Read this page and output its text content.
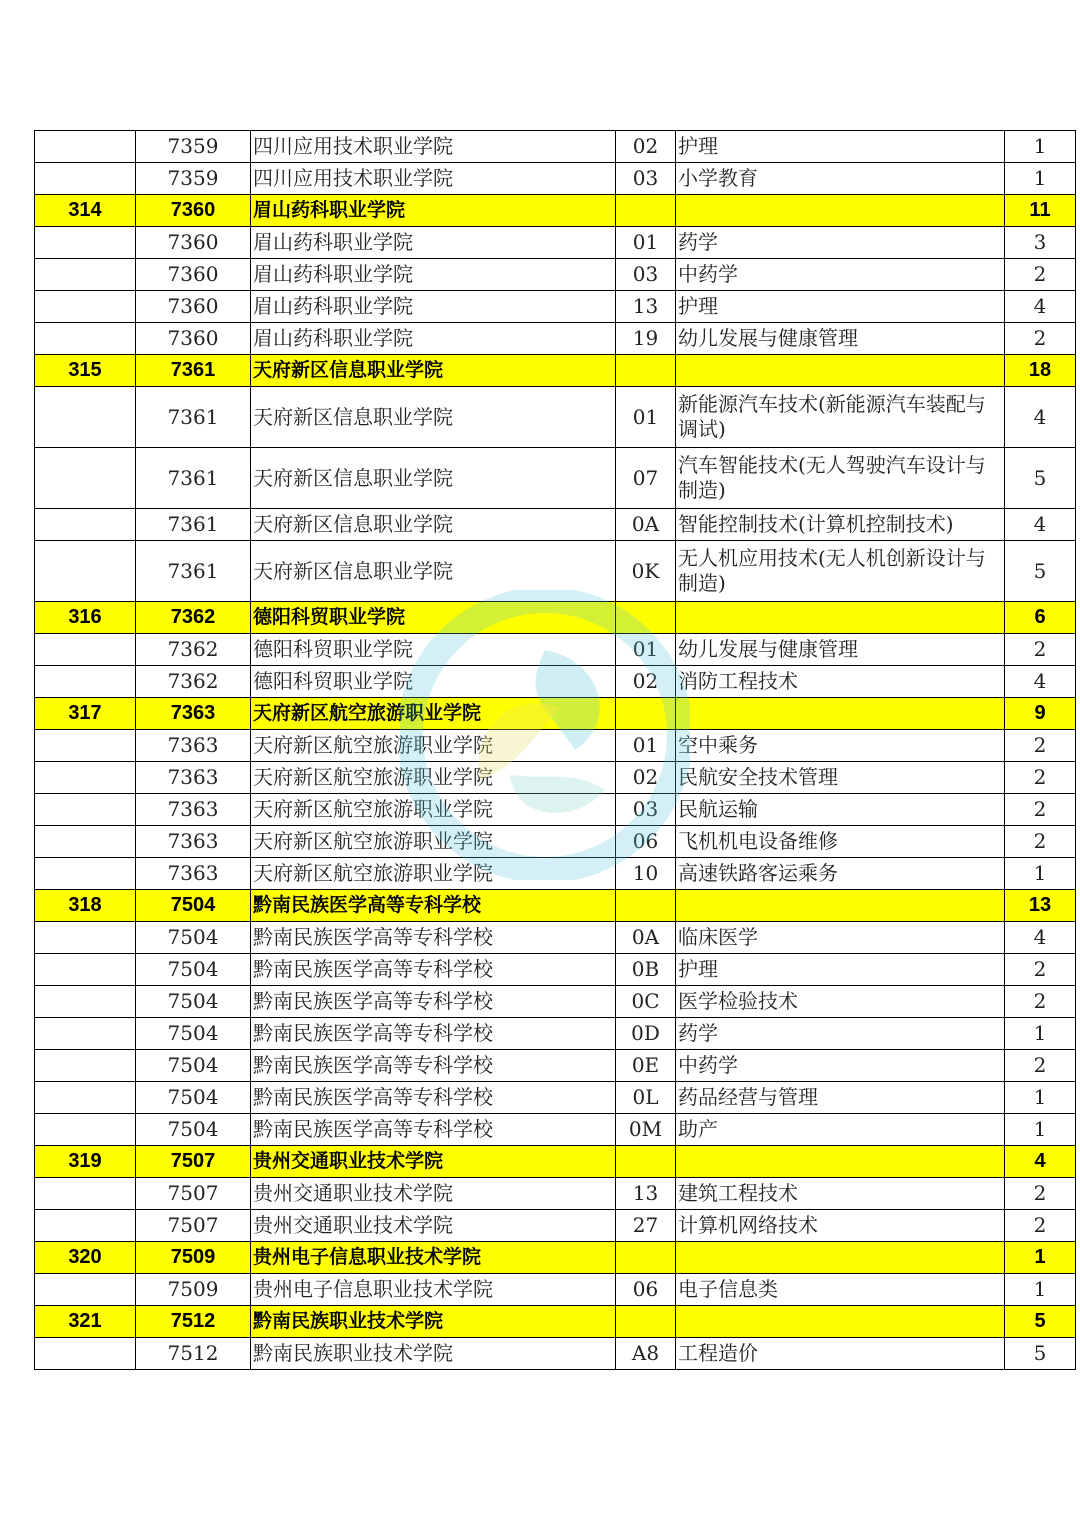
	7359	四川应用技术职业学院	02	护理	1
	7359	四川应用技术职业学院	03	小学教育	1
314	7360	眉山药科职业学院			11
	7360	眉山药科职业学院	01	药学	3
	7360	眉山药科职业学院	03	中药学	2
	7360	眉山药科职业学院	13	护理	4
	7360	眉山药科职业学院	19	幼儿发展与健康管理	2
315	7361	天府新区信息职业学院			18
	7361	天府新区信息职业学院	01	新能源汽车技术(新能源汽车装配与调试)	4
	7361	天府新区信息职业学院	07	汽车智能技术(无人驾驶汽车设计与制造)	5
	7361	天府新区信息职业学院	0A	智能控制技术(计算机控制技术)	4
	7361	天府新区信息职业学院	0K	无人机应用技术(无人机创新设计与制造)	5
316	7362	德阳科贸职业学院			6
	7362	德阳科贸职业学院	01	幼儿发展与健康管理	2
	7362	德阳科贸职业学院	02	消防工程技术	4
317	7363	天府新区航空旅游职业学院			9
	7363	天府新区航空旅游职业学院	01	空中乘务	2
	7363	天府新区航空旅游职业学院	02	民航安全技术管理	2
	7363	天府新区航空旅游职业学院	03	民航运输	2
	7363	天府新区航空旅游职业学院	06	飞机机电设备维修	2
	7363	天府新区航空旅游职业学院	10	高速铁路客运乘务	1
318	7504	黔南民族医学高等专科学校			13
	7504	黔南民族医学高等专科学校	0A	临床医学	4
	7504	黔南民族医学高等专科学校	0B	护理	2
	7504	黔南民族医学高等专科学校	0C	医学检验技术	2
	7504	黔南民族医学高等专科学校	0D	药学	1
	7504	黔南民族医学高等专科学校	0E	中药学	2
	7504	黔南民族医学高等专科学校	0L	药品经营与管理	1
	7504	黔南民族医学高等专科学校	0M	助产	1
319	7507	贵州交通职业技术学院			4
	7507	贵州交通职业技术学院	13	建筑工程技术	2
	7507	贵州交通职业技术学院	27	计算机网络技术	2
320	7509	贵州电子信息职业技术学院			1
	7509	贵州电子信息职业技术学院	06	电子信息类	1
321	7512	黔南民族职业技术学院			5
	7512	黔南民族职业技术学院	A8	工程造价	5
